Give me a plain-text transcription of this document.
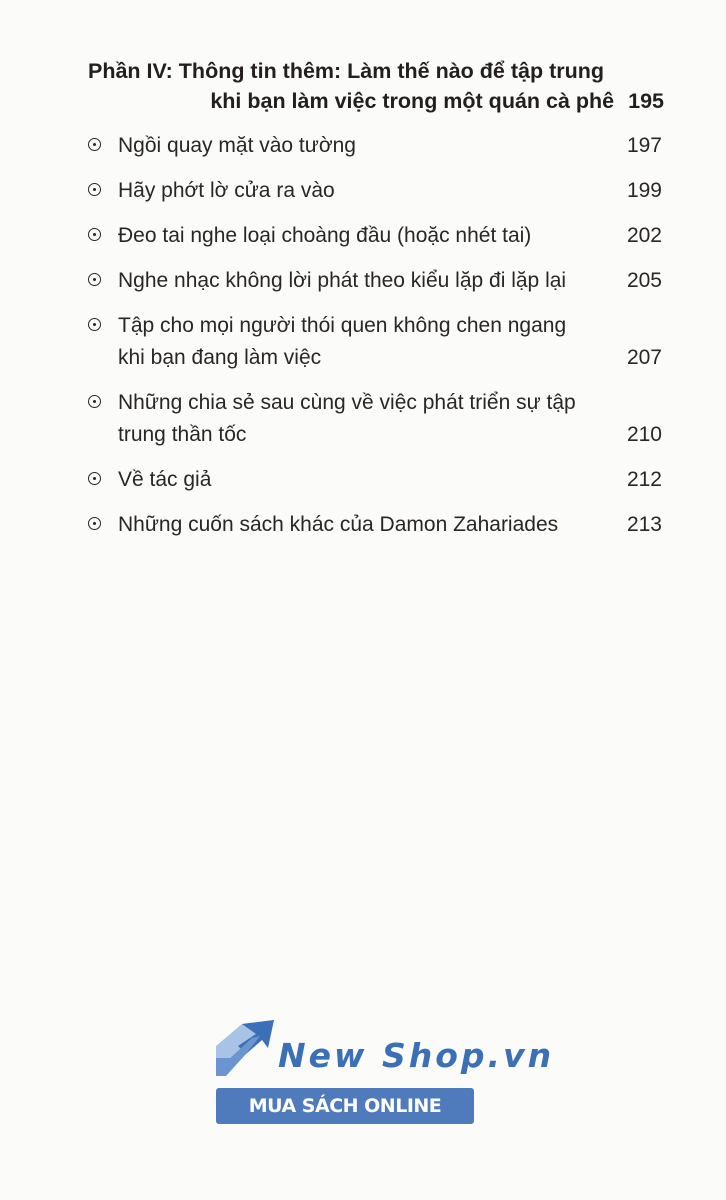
Phần IV: Thông tin thêm: Làm thế nào để tập trung
khi bạn làm việc trong một quán cà phê 195
Ngồi quay mặt vào tường	197
Hãy phớt lờ cửa ra vào	199
Đeo tai nghe loại choàng đầu (hoặc nhét tai)	202
Nghe nhạc không lời phát theo kiểu lặp đi lặp lại	205
Tập cho mọi người thói quen không chen ngang
khi bạn đang làm việc	207
Những chia sẻ sau cùng về việc phát triển sự tập
trung thần tốc	210
Về tác giả	212
Những cuốn sách khác của Damon Zahariades	213
New Shop.vn
MUA SÁCH ONLINE
